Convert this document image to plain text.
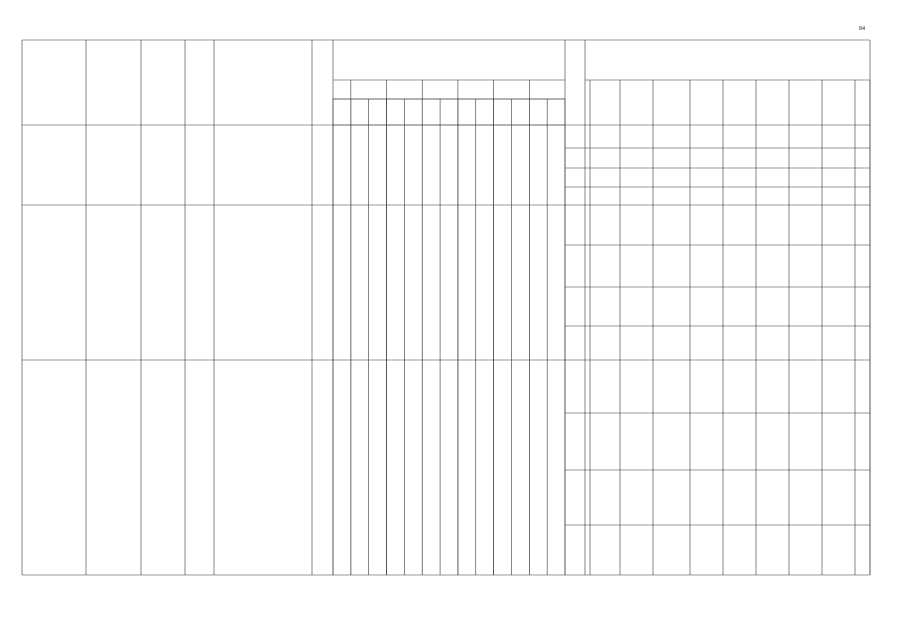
84
